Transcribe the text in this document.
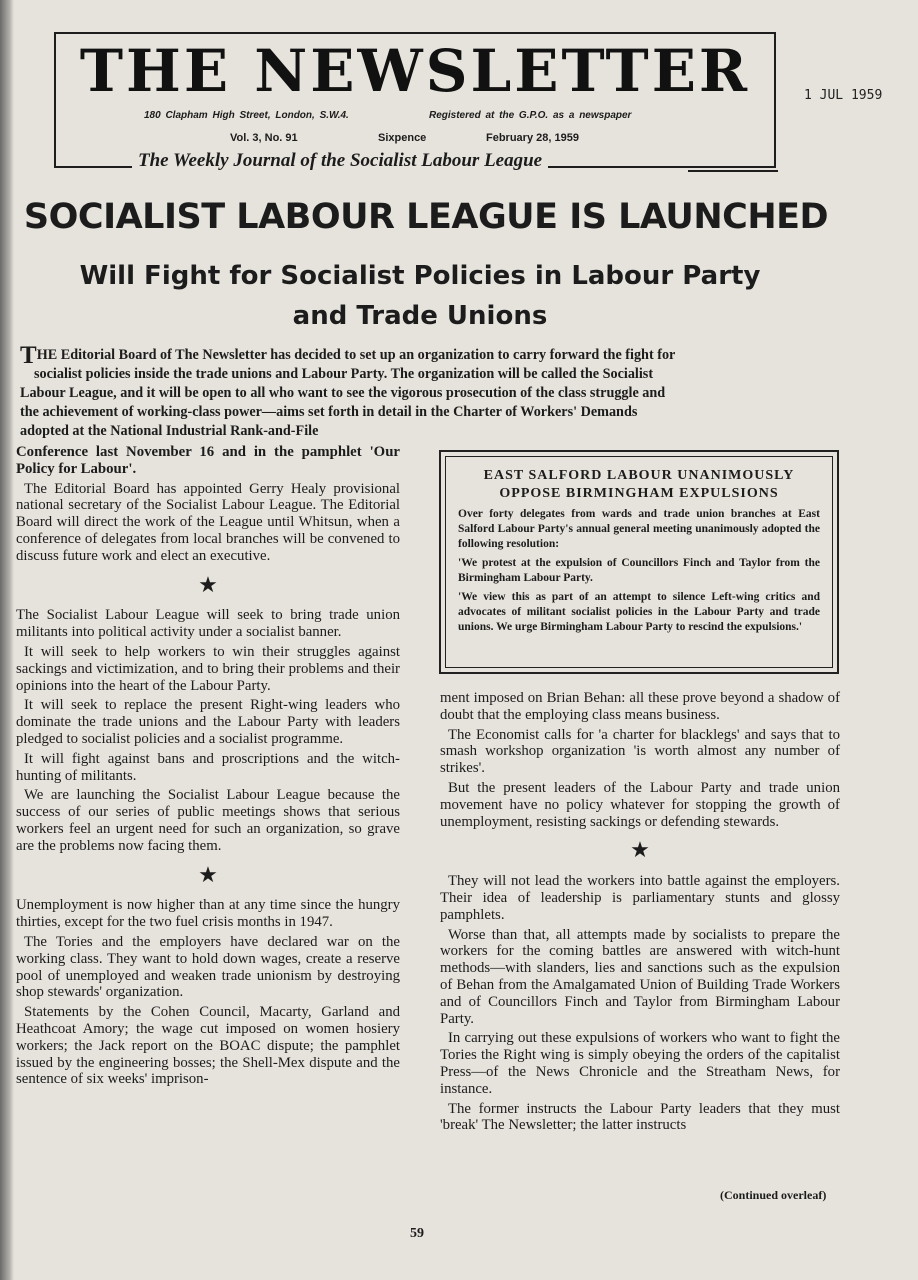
THE NEWSLETTER
180 Clapham High Street, London, S.W.4.	Registered at the G.P.O. as a newspaper
Vol. 3, No. 91	Sixpence	February 28, 1959
The Weekly Journal of the Socialist Labour League
1 JUL 1959
SOCIALIST LABOUR LEAGUE IS LAUNCHED
Will Fight for Socialist Policies in Labour Party
and Trade Unions
THE Editorial Board of The Newsletter has decided to set up an organization to carry forward the fight for
socialist policies inside the trade unions and Labour Party. The organization will be called the Socialist
Labour League, and it will be open to all who want to see the vigorous prosecution of the class struggle and
the achievement of working-class power—aims set forth in detail in the Charter of Workers' Demands
adopted at the National Industrial Rank-and-File

Conference last November 16 and in the pamphlet 'Our Policy for Labour'.

The Editorial Board has appointed Gerry Healy provisional national secretary of the Socialist Labour League. The Editorial Board will direct the work of the League until Whitsun, when a conference of delegates from local branches will be convened to discuss future work and elect an executive.

★

The Socialist Labour League will seek to bring trade union militants into political activity under a socialist banner.

It will seek to help workers to win their struggles against sackings and victimization, and to bring their problems and their opinions into the heart of the Labour Party.

It will seek to replace the present Right-wing leaders who dominate the trade unions and the Labour Party with leaders pledged to socialist policies and a socialist programme.

It will fight against bans and proscriptions and the witch-hunting of militants.

We are launching the Socialist Labour League because the success of our series of public meetings shows that serious workers feel an urgent need for such an organization, so grave are the problems now facing them.

★

Unemployment is now higher than at any time since the hungry thirties, except for the two fuel crisis months in 1947.

The Tories and the employers have declared war on the working class. They want to hold down wages, create a reserve pool of unemployed and weaken trade unionism by destroying shop stewards' organization.

Statements by the Cohen Council, Macarty, Garland and Heathcoat Amory; the wage cut imposed on women hosiery workers; the Jack report on the BOAC dispute; the pamphlet issued by the engineering bosses; the Shell-Mex dispute and the sentence of six weeks' imprison-

EAST SALFORD LABOUR UNANIMOUSLY
OPPOSE BIRMINGHAM EXPULSIONS

Over forty delegates from wards and trade union branches at East Salford Labour Party's annual general meeting unanimously adopted the following resolution:

'We protest at the expulsion of Councillors Finch and Taylor from the Birmingham Labour Party.

'We view this as part of an attempt to silence Left-wing critics and advocates of militant socialist policies in the Labour Party and trade unions. We urge Birmingham Labour Party to rescind the expulsions.'

ment imposed on Brian Behan: all these prove beyond a shadow of doubt that the employing class means business.

The Economist calls for 'a charter for blacklegs' and says that to smash workshop organization 'is worth almost any number of strikes'.

But the present leaders of the Labour Party and trade union movement have no policy whatever for stopping the growth of unemployment, resisting sackings or defending stewards.

★

They will not lead the workers into battle against the employers. Their idea of leadership is parliamentary stunts and glossy pamphlets.

Worse than that, all attempts made by socialists to prepare the workers for the coming battles are answered with witch-hunt methods—with slanders, lies and sanctions such as the expulsion of Behan from the Amalgamated Union of Building Trade Workers and of Councillors Finch and Taylor from Birmingham Labour Party.

In carrying out these expulsions of workers who want to fight the Tories the Right wing is simply obeying the orders of the capitalist Press—of the News Chronicle and the Streatham News, for instance.

The former instructs the Labour Party leaders that they must 'break' The Newsletter; the latter instructs

(Continued overleaf)
59
